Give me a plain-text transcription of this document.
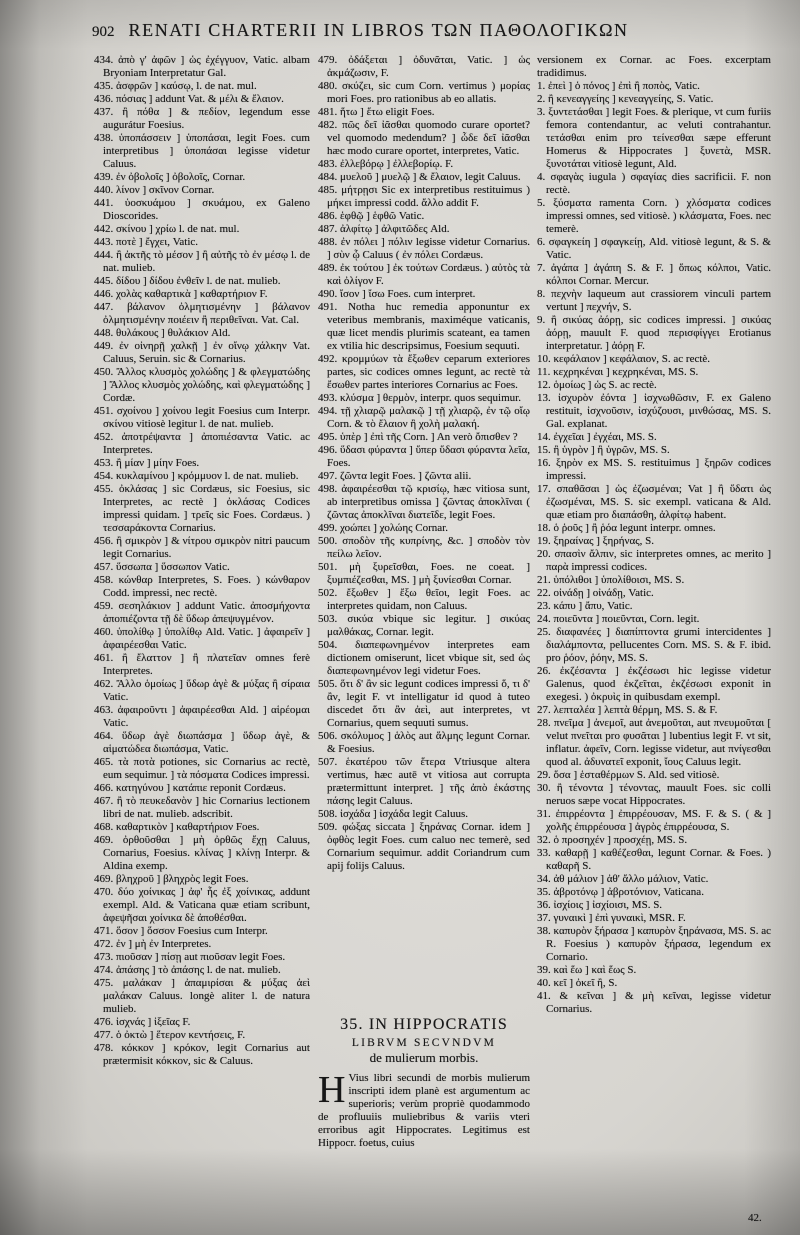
902 RENATI CHARTERII IN LIBROS ΤΩΝ ΠΑΘΟΛΟΓΙΚΩΝ

434. ἀπὸ γ' ἀφῶν ] ὡς ἐχέγγυον, Vatic. albam Bryoniam Interpretatur Gal.

435. ἀσφρῶν ] καύσῳ, l. de nat. mul.

436. πόσιας ] addunt Vat. & μέλι & ἔλαιον.

437. ἢ πόθα ] & πεδίον, legendum esse augurátur Foesius.

438. ὑποπάσσειν ] ὑποπάσαι, legit Foes. cum interpretibus ] ὑποπάσαι legisse videtur Caluus.

439. ἐν ὀβολοῖς ] ὀβολοῖς, Cornar.

440. λίνον ] σκῖνον Cornar.

441. ὑοσκυάμου ] σκυάμου, ex Galeno Dioscorides.

442. σκίνου ] χρίω l. de nat. mul.

443. ποτὲ ] ἔγχει, Vatic.

444. ἢ ἀκτῆς τὸ μέσον ] ἢ αὐτῆς τὸ ἐν μέσῳ l. de nat. mulieb.

445. δίδου ] δίδου ἐνθεῖν l. de nat. mulieb.

446. χολὰς καθαρτικὰ ] καθαρτήριον F.

447. βάλανον ὀλμητισμένην ] βάλανον ὀλμητισμένην ποιέειν ἢ περιθεῖναι. Vat. Cal.

448. θυλάκους ] θυλάκιον Ald.

449. ἐν οἰνηρῇ χαλκῇ ] ἐν οἴνῳ χάλκην Vat. Caluus, Seruin. sic & Cornarius.

450. Ἄλλος κλυσμὸς χολώδης ] & φλεγματώδης ] Ἄλλος κλυσμὸς χολώδης, καὶ φλεγματώδης ] Cordæ.

451. σχοίνου ] χοίνου legit Foesius cum Interpr. σκίνου vitiosè legitur l. de nat. mulieb.

452. ἀποτρέψαντα ] ἀποπιέσαντα Vatic. ac Interpretes.

453. ἢ μίαν ] μίην Foes.

454. κυκλαμίνου ] κρόμμυον l. de nat. mulieb.

455. ὀκλάσας ] sic Cordæus, sic Foesius, sic Interpretes, ac rectè ] ὀκλάσας Codices impressi quidam. ] τρεῖς sic Foes. Cordæus. ) τεσσαράκοντα Cornarius.

456. ἢ σμικρὸν ] & νίτρου σμικρὸν nitri paucum legit Cornarius.

457. ὕσσωπα ] ὕσσωπον Vatic.

458. κώνθαρ Interpretes, S. Foes. ) κώνθαρον Codd. impressi, nec rectè.

459. σεσηλάκιον ] addunt Vatic. ἀποσμήχοντα ἀποπιέζοντα τῇ δὲ ὕδωρ ἀπεψυγμένον.

460. ὑπολίθῳ ] ὑπολίθῳ Ald. Vatic. ] ἀφαιρεῖν ] ἀφαιρέεσθαι Vatic.

461. ἢ ἔλαττον ] ἢ πλατεῖαν omnes ferè Interpretes.

462. Ἄλλο ὁμοίως ] ὕδωρ ἀγὲ & μύξας ἢ σίραια Vatic.

463. ἀφαιροῦντι ] ἀφαιρέεσθαι Ald. ] αἱρέομαι Vatic.

464. ὕδωρ ἀγὲ διωπάσμα ] ὕδωρ ἀγὲ, & αἱματώδεα διωπάσμα, Vatic.

465. τὰ ποτὰ potiones, sic Cornarius ac rectè, eum sequimur. ] τὰ πόσματα Codices impressi.

466. κατηγύνου ] κατάπιε reponit Cordæus.

467. ἢ τὸ πευκεδανὸν ] hic Cornarius lectionem libri de nat. mulieb. adscribit.

468. καθαρτικὸν ] καθαρτήριον Foes.

469. ὀρθοῦσθαι ] μὴ ὀρθῶς ἔχῃ Caluus, Cornarius, Foesius. κλίνας ] κλίνῃ Interpr. & Aldina exemp.

469. βληχροῦ ] βληχρὸς legit Foes.

470. δύο χοίνικας ] ἀφ' ἧς ἐξ χοίνικας, addunt exempl. Ald. & Vaticana quæ etiam scribunt, ἀφεψῆσαι χοίνικα δὲ ἀποθέσθαι.

471. ὅσον ] ὅσσον Foesius cum Interpr.

472. ἐν ] μὴ ἐν Interpretes.

473. πιοῦσαν ] πίσῃ aut πιοῦσαν legit Foes.

474. ἀπάσης ] τὸ ἀπάσης l. de nat. mulieb.

475. μαλάκαν ] ἀπαμιρίσαι & μύξας ἀεὶ μαλάκαν Caluus. longè aliter l. de natura mulieb.

476. ἰσχνάς ] ἰξεῖας F.

477. ὁ ὀκτὼ ] ἕτερον κεντήσεις, F.

478. κόκκον ] κρόκον, legit Cornarius aut prætermisit κόκκον, sic & Caluus.

479. ὀδάξεται ] ὀδυνᾶται, Vatic. ] ὡς ἀκμάζωσιν, F.

480. σκύζει, sic cum Corn. vertimus ) μορίας mori Foes. pro rationibus ab eo allatis.

481. ἥτω ] ἕτω eligit Foes.

482. πῶς δεῖ ἰᾶσθαι quomodo curare oportet? vel quomodo medendum? ] ὧδε δεῖ ἰᾶσθαι hæc modo curare oportet, interpretes, Vatic.

483. ἐλλεβόρῳ ] ἐλλεβορίῳ. F.

484. μυελοῦ ] μυελῷ ] & ἔλαιον, legit Caluus.

485. μήτρῃσι Sic ex interpretibus restituimus ) μήκει impressi codd. ἄλλο addit F.

486. ἑφθῷ ] ἑφθῶ Vatic.

487. ἀλφίτῳ ] ἀλφιτῶδες Ald.

488. ἐν πόλει ] πόλιν legisse videtur Cornarius. ] σὺν ᾧ Caluus ( ἐν πόλει Cordæus.

489. ἐκ τούτου ] ἐκ τούτων Cordæus. ) αὐτὸς τὰ καὶ ὀλίγον F.

490. ἴσον ] ἴσω Foes. cum interpret.

491. Notha huc remedia apponuntur ex veteribus membranis, maximéque vaticanis, quæ licet mendis plurimis scateant, ea tamen ex vtilia hic descripsimus, Foesium sequuti.

492. κρομμύων τὰ ἔξωθεν ceparum exteriores partes, sic codices omnes legunt, ac rectè τὰ ἔσωθεν partes interiores Cornarius ac Foes.

493. κλύσμα ] θερμὸν, interpr. quos sequimur.

494. τῇ χλιαρῷ μαλακῷ ] τῇ χλιαρῷ, ἐν τῷ οἴῳ Corn. & τὸ ἔλαιον ἢ χολὴ μαλακή.

495. ὑπὲρ ] ἐπὶ τῆς Corn. ] An verò ὄπισθεν ?

496. ὕδασι φύραντα ] ὕπερ ὕδασι φύραντα λεῖα, Foes.

497. ζῶντα legit Foes. ] ζῶντα alii.

498. ἀφαιρέεσθαι τῷ κρισίῳ, hæc vitiosa sunt, ab interpretibus omissa ] ζῶντας ἀποκλῖναι ( ζῶντας ἀποκλῖναι διατεῖδε, legit Foes.

499. χοώπει ] χολώης Cornar.

500. σποδὸν τῆς κυπρίνης, &c. ] σποδὸν τὸν πείλω λεῖον.

501. μὴ ξυρεῖσθαι, Foes. ne coeat. ] ξυμπιέζεσθαι, MS. ] μὴ ξυνίεσθαι Cornar.

502. ἔξωθεν ] ἔξω θεῖοι, legit Foes. ac interpretes quidam, non Caluus.

503. σικύα vbique sic legitur. ] σικύας μαλθάκας, Cornar. legit.

504. διαπεφωνημένον interpretes eam dictionem omiserunt, licet vbique sit, sed ὡς διαπεφωνημένον legi videtur Foes.

505. ὅτι δ' ἂν sic legunt codices impressi ὅ, τι δ' ἂν, legit F. vt intelligatur id quod à tuteo discedet ὅτι ἂν ἀεὶ, aut interpretes, vt Cornarius, quem sequuti sumus.

506. σκόλυμος ] ἁλὸς aut ἅλμης legunt Cornar. & Foesius.

507. ἑκατέρου τῶν ἕτερα Vtriusque altera vertimus, hæc autē vt vitiosa aut corrupta prætermittunt interpret. ] τῆς ἀπὸ ἑκάστης πάσης legit Caluus.

508. ἰσχάδα ] ἰσχάδα legit Caluus.

509. φώξας siccata ] ξηράνας Cornar. idem ] ὀφθὸς legit Foes. cum caluo nec temerè, sed Cornarium sequimur. addit Coriandrum cum apij folijs Caluus.

35. IN HIPPOCRATIS
LIBRVM SECVNDVM
de mulierum morbis.
H Vius libri secundi de morbis mulierum inscripti idem planè est argumentum ac superioris; verùm propriè quodammodo de profluuiis muliebribus & variis vteri erroribus agit Hippocrates. Legitimus est Hippocr. foetus, cuius

versionem ex Cornar. ac Foes. excerptam tradidimus.

1. ἐπεὶ ] ὁ πόνος ] ἐπὶ ἢ ποπὸς, Vatic.

2. ἢ κενεαγγείης ] κενεαγγείης, S. Vatic.

3. ξυντετάσθαι ] legit Foes. & plerique, vt cum furiis femora contendantur, ac veluti contrahantur. τετάσθαι enim pro τείνεσθαι sæpe efferunt Homerus & Hippocrates ] ξυνετὰ, MSR. ξυνοτάται vitiosè legunt, Ald.

4. σφαγὰς iugula ) σφαγίας dies sacrificii. F. non rectè.

5. ξύσματα ramenta Corn. ) χλόσματα codices impressi omnes, sed vitiosè. ) κλάσματα, Foes. nec temerè.

6. σφαγκείη ] σφαγκείῃ, Ald. vitiosè legunt, & S. & Vatic.

7. ἀγάπα ] ἀγάπη S. & F. ] ὅπως κόλποι, Vatic. κόλποι Cornar. Mercur.

8. πεχνὴν laqueum aut crassiorem vinculi partem vertunt ] πεχνήν, S.

9. ἢ σικύας ἀόρῃ, sic codices impressi. ] σικύας ἀόρῃ, mauult F. quod περισφίγγει Erotianus interpretatur. ] ἀόρῃ F.

10. κεφάλαιον ] κεφάλαιον, S. ac rectè.

11. κεχρηκέναι ] κεχρηκέναι, MS. S.

12. ὁμοίως ] ὡς S. ac rectè.

13. ἰσχυρὸν ἐόντα ] ἰσχνωθῶσιν, F. ex Galeno restituit, ἰσχνοῦσιν, ἰσχύζουσι, μινθώσας, MS. S. Gal. explanat.

14. ἐγχεῖαι ] ἐγχέαι, MS. S.

15. ἢ ὑγρὸν ] ἢ ὑγρῶν, MS. S.

16. ξηρὸν ex MS. S. restituimus ] ξηρῶν codices impressi.

17. σπαθᾶσαι ] ὡς ἐζωσμέναι; Vat ] ἢ ὕδατι ὡς ἐζωσμέναι, MS. S. sic exempl. vaticana & Ald. quæ etiam pro διαπάσθη, ἀλφίτῳ habent.

18. ὁ ῥοῦς ] ἢ ῥόα legunt interpr. omnes.

19. ξηραίνας ] ξηρήνας, S.

20. σπασὶν ἄλπιν, sic interpretes omnes, ac merito ] παρὰ impressi codices.

21. ὑπόλιθοι ] ὑπολίθοισι, MS. S.

22. οἰνάδῃ ] οἰνάδῃ, Vatic.

23. κάπυ ] ἄπυ, Vatic.

24. ποιεῦντα ] ποιεῦνται, Corn. legit.

25. διαφανέες ] διαπίπτοντα grumi intercidentes ] διαλάμποντα, pellucentes Corn. MS. S. & F. ibid. pro ῥόον, ῥόην, MS. S.

26. ἐκζέσαντα ] ἐκζέσωσι hic legisse videtur Galenus, quod ἐκζεῖται, ἐκζέσωσι exponit in exegesi. ) ὀκρυὶς in quibusdam exempl.

27. λεπταλέα ] λεπτὰ θέρμη, MS. S. & F.

28. πνεῖμα ] ἀνεμοῖ, aut ἀνεμοῦται, aut πνευμοῦται [ velut πνεῖται pro φυσᾶται ] lubentius legit F. vt sit, inflatur. ἀφεῖν, Corn. legisse videtur, aut πνίγεσθαι quod al. ἀδυνατεῖ exponit, ἴους Caluus legit.

29. ὅσα ] ἑσταθέρμων S. Ald. sed vitiosè.

30. ἢ τένοντα ] τένοντας, mauult Foes. sic colli neruos sæpe vocat Hippocrates.

31. ἐπιρρέοντα ] ἐπιρρέουσαν, MS. F. & S. ( & ] χολῆς ἐπιρρέουσα ] ἀγρὸς ἐπιρρέουσα, S.

32. ὁ προσηχέν ] προσχέῃ, MS. S.

33. καθαρῇ ] καθέζεσθαι, legunt Cornar. & Foes. ) καθαρῆ S.

34. ἀθ μάλιον ] ἀθ' ἄλλο μάλιον, Vatic.

35. ἀβροτόνῳ ] ἀβροτόνιον, Vaticana.

36. ἰσχίοις ] ἰσχίοισι, MS. S.

37. γυναικὶ ] ἐπὶ γυναικὶ, MSR. F.

38. καπυρὸν ξήρασα ] καπυρὸν ξηράνασα, MS. S. ac R. Foesius ) καπυρὸν ξήρασα, legendum ex Cornario.

39. καὶ ἕω ] καὶ ἕως S.

40. κεῖ ] ὀκεῖ ἢ, S.

41. & κεῖναι ] & μὴ κεῖναι, legisse videtur Cornarius.

42.
